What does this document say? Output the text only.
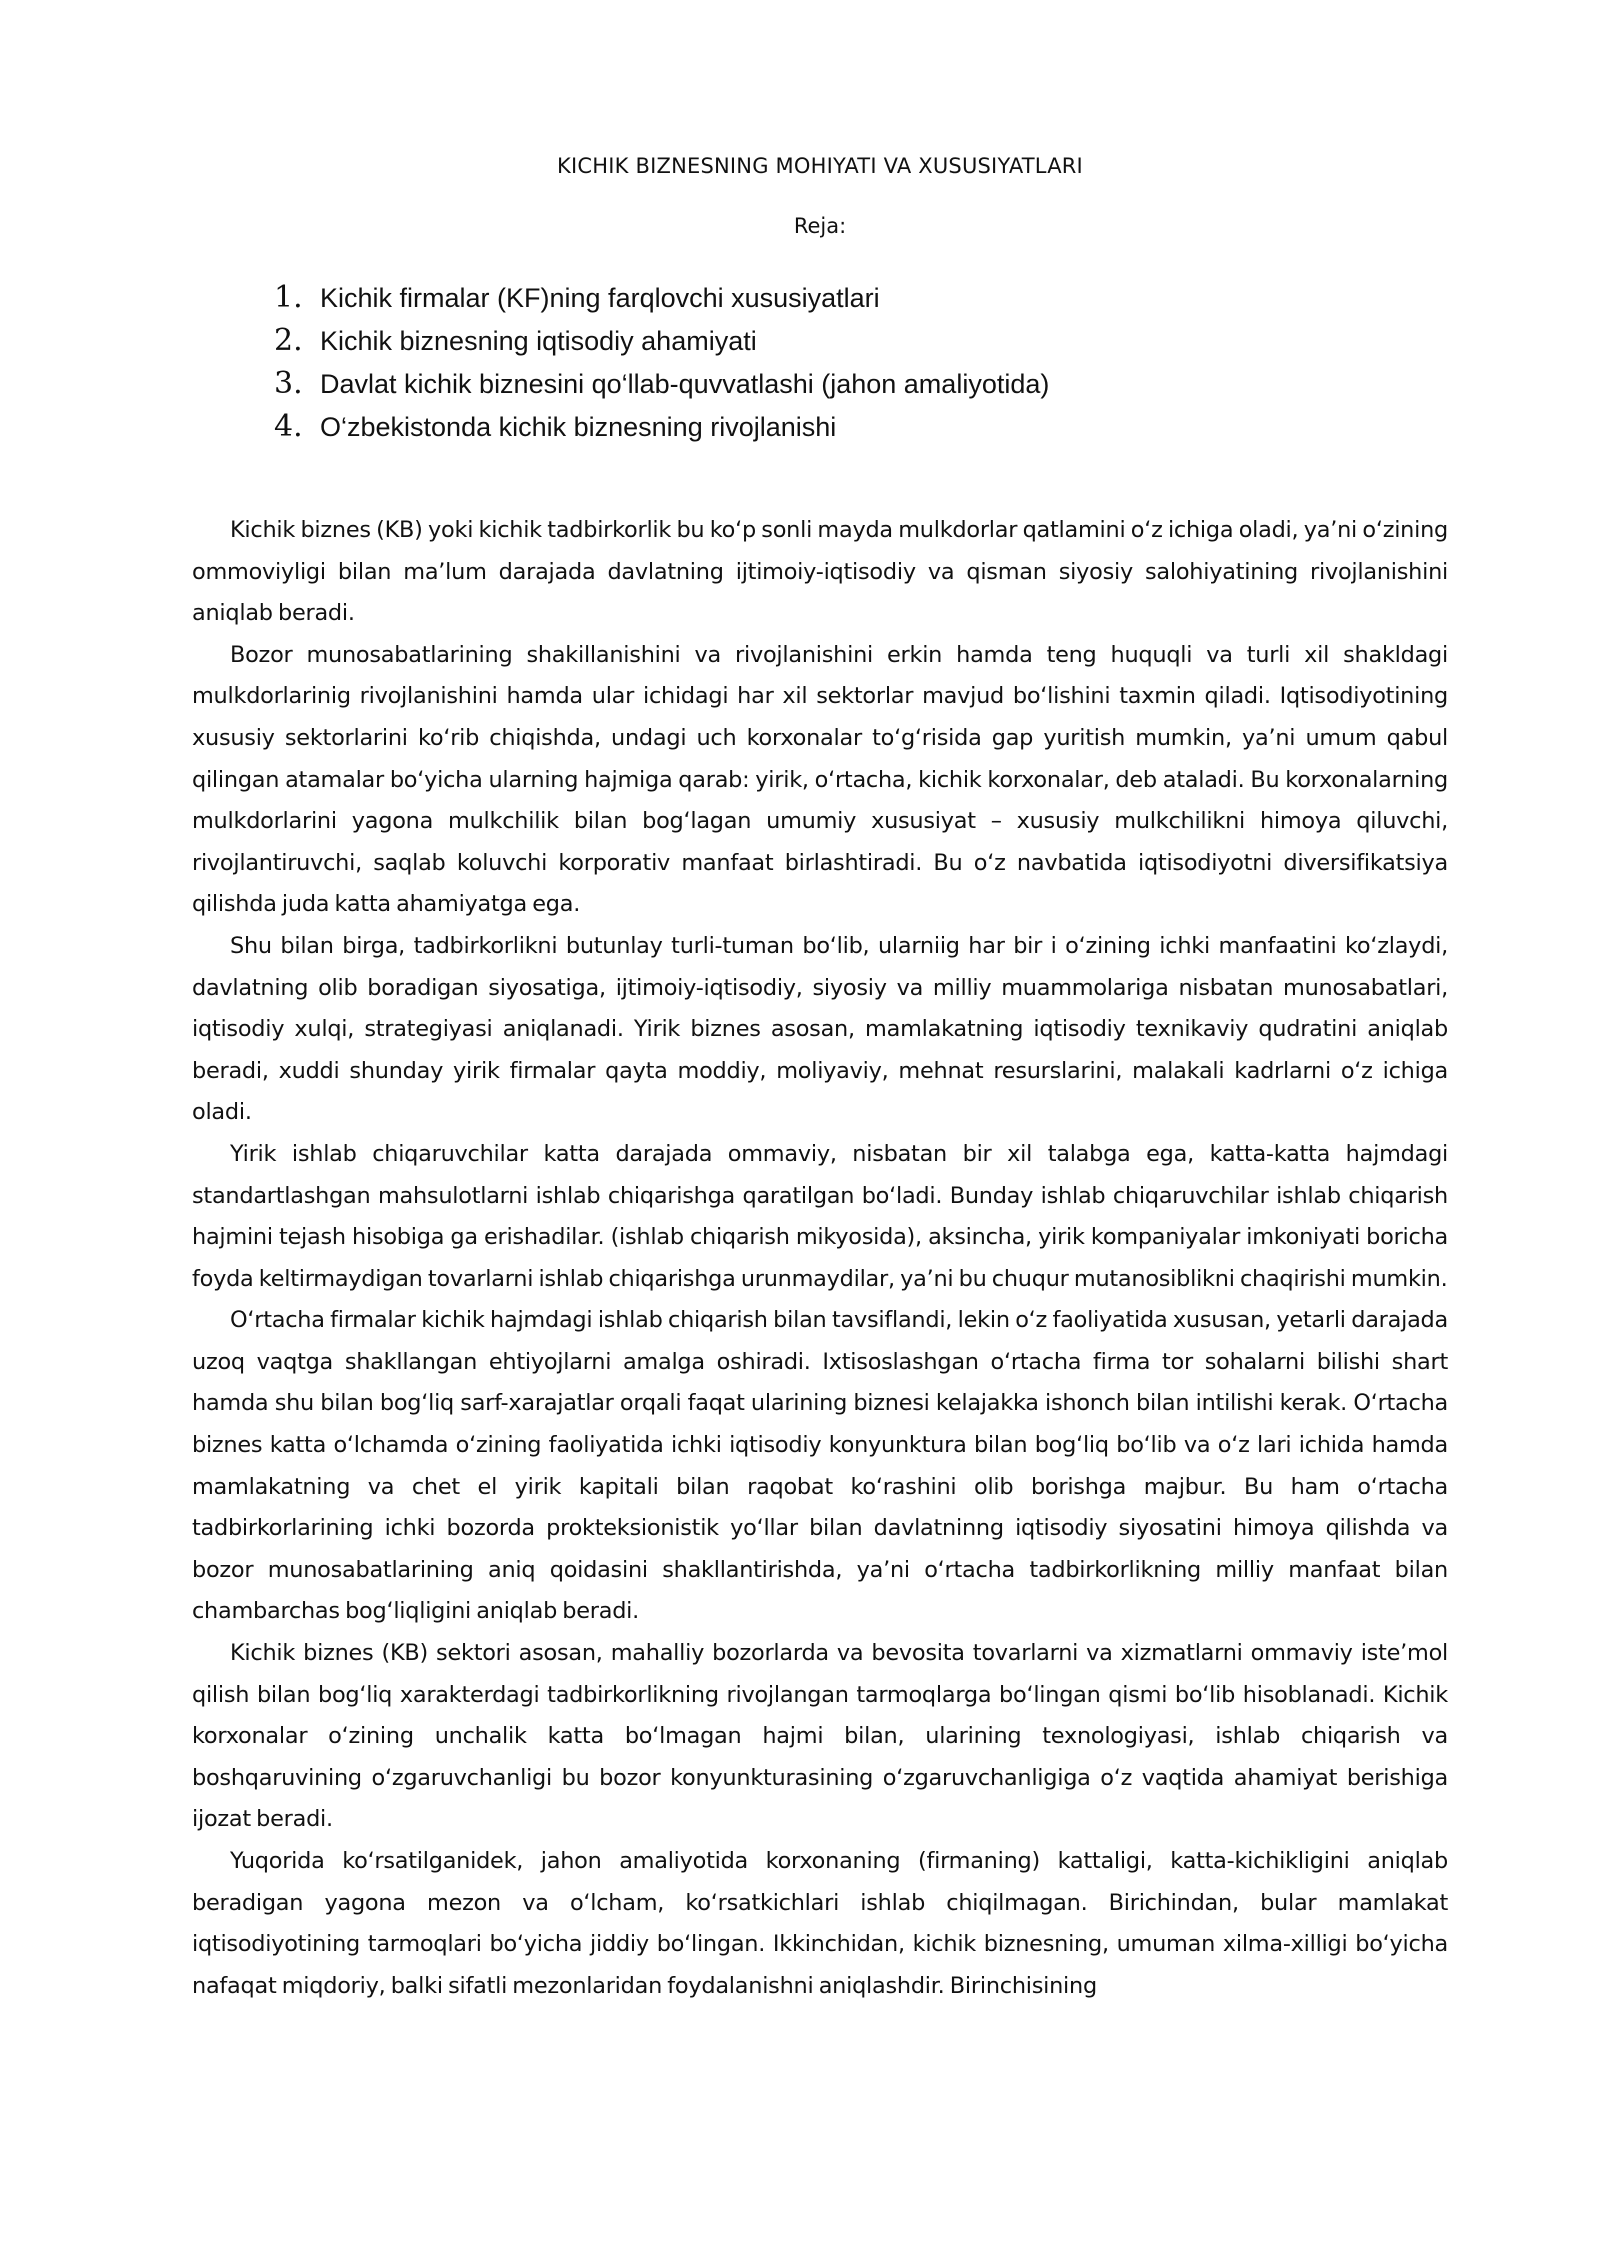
KICHIK BIZNESNING MOHIYATI VA XUSUSIYATLARI
Reja:
1. Kichik firmalar (KF)ning farqlovchi xususiyatlari
2. Kichik biznesning iqtisodiy ahamiyati
3. Davlat kichik biznesini qo‘llab-quvvatlashi (jahon amaliyotida)
4. O‘zbekistonda kichik biznesning rivojlanishi

Kichik biznes (KB) yoki kichik tadbirkorlik bu ko‘p sonli mayda mulkdorlar qatlamini o‘z ichiga oladi, ya’ni o‘zining ommoviyligi bilan ma’lum darajada davlatning ijtimoiy-iqtisodiy va qisman siyosiy salohiyatining rivojlanishini aniqlab beradi.

Bozor munosabatlarining shakillanishini va rivojlanishini erkin hamda teng huquqli va turli xil shakldagi mulkdorlarinig rivojlanishini hamda ular ichidagi har xil sektorlar mavjud bo‘lishini taxmin qiladi. Iqtisodiyotining xususiy sektorlarini ko‘rib chiqishda, undagi uch korxonalar to‘g‘risida gap yuritish mumkin, ya’ni umum qabul qilingan atamalar bo‘yicha ularning hajmiga qarab: yirik, o‘rtacha, kichik korxonalar, deb ataladi. Bu korxonalarning mulkdorlarini yagona mulkchilik bilan bog‘lagan umumiy xususiyat – xususiy mulkchilikni himoya qiluvchi, rivojlantiruvchi, saqlab koluvchi korporativ manfaat birlashtiradi. Bu o‘z navbatida iqtisodiyotni diversifikatsiya qilishda juda katta ahamiyatga ega.

Shu bilan birga, tadbirkorlikni butunlay turli-tuman bo‘lib, ularniig har bir i o‘zining ichki manfaatini ko‘zlaydi, davlatning olib boradigan siyosatiga, ijtimoiy-iqtisodiy, siyosiy va milliy muammolariga nisbatan munosabatlari, iqtisodiy xulqi, strategiyasi aniqlanadi. Yirik biznes asosan, mamlakatning iqtisodiy texnikaviy qudratini aniqlab beradi, xuddi shunday yirik firmalar qayta moddiy, moliyaviy, mehnat resurslarini, malakali kadrlarni o‘z ichiga oladi.

Yirik ishlab chiqaruvchilar katta darajada ommaviy, nisbatan bir xil talabga ega, katta-katta hajmdagi standartlashgan mahsulotlarni ishlab chiqarishga qaratilgan bo‘ladi. Bunday ishlab chiqaruvchilar ishlab chiqarish hajmini tejash hisobiga ga erishadilar. (ishlab chiqarish mikyosida), aksincha, yirik kompaniyalar imkoniyati boricha foyda keltirmaydigan tovarlarni ishlab chiqarishga urunmaydilar, ya’ni bu chuqur mutanosiblikni chaqirishi mumkin.

O‘rtacha firmalar kichik hajmdagi ishlab chiqarish bilan tavsiflandi, lekin o‘z faoliyatida xususan, yetarli darajada uzoq vaqtga shakllangan ehtiyojlarni amalga oshiradi. Ixtisoslashgan o‘rtacha firma tor sohalarni bilishi shart hamda shu bilan bog‘liq sarf-xarajatlar orqali faqat ularining biznesi kelajakka ishonch bilan intilishi kerak. O‘rtacha biznes katta o‘lchamda o‘zining faoliyatida ichki iqtisodiy konyunktura bilan bog‘liq bo‘lib va o‘z lari ichida hamda mamlakatning va chet el yirik kapitali bilan raqobat ko‘rashini olib borishga majbur. Bu ham o‘rtacha tadbirkorlarining ichki bozorda prokteksionistik yo‘llar bilan davlatninng iqtisodiy siyosatini himoya qilishda va bozor munosabatlarining aniq qoidasini shakllantirishda, ya’ni o‘rtacha tadbirkorlikning milliy manfaat bilan chambarchas bog‘liqligini aniqlab beradi.

Kichik biznes (KB) sektori asosan, mahalliy bozorlarda va bevosita tovarlarni va xizmatlarni ommaviy iste’mol qilish bilan bog‘liq xarakterdagi tadbirkorlikning rivojlangan tarmoqlarga bo‘lingan qismi bo‘lib hisoblanadi. Kichik korxonalar o‘zining unchalik katta bo‘lmagan hajmi bilan, ularining texnologiyasi, ishlab chiqarish va boshqaruvining o‘zgaruvchanligi bu bozor konyunkturasining o‘zgaruvchanligiga o‘z vaqtida ahamiyat berishiga ijozat beradi.

Yuqorida ko‘rsatilganidek, jahon amaliyotida korxonaning (firmaning) kattaligi, katta-kichikligini aniqlab beradigan yagona mezon va o‘lcham, ko‘rsatkichlari ishlab chiqilmagan. Birichindan, bular mamlakat iqtisodiyotining tarmoqlari bo‘yicha jiddiy bo‘lingan. Ikkinchidan, kichik biznesning, umuman xilma-xilligi bo‘yicha nafaqat miqdoriy, balki sifatli mezonlaridan foydalanishni aniqlashdir. Birinchisining
